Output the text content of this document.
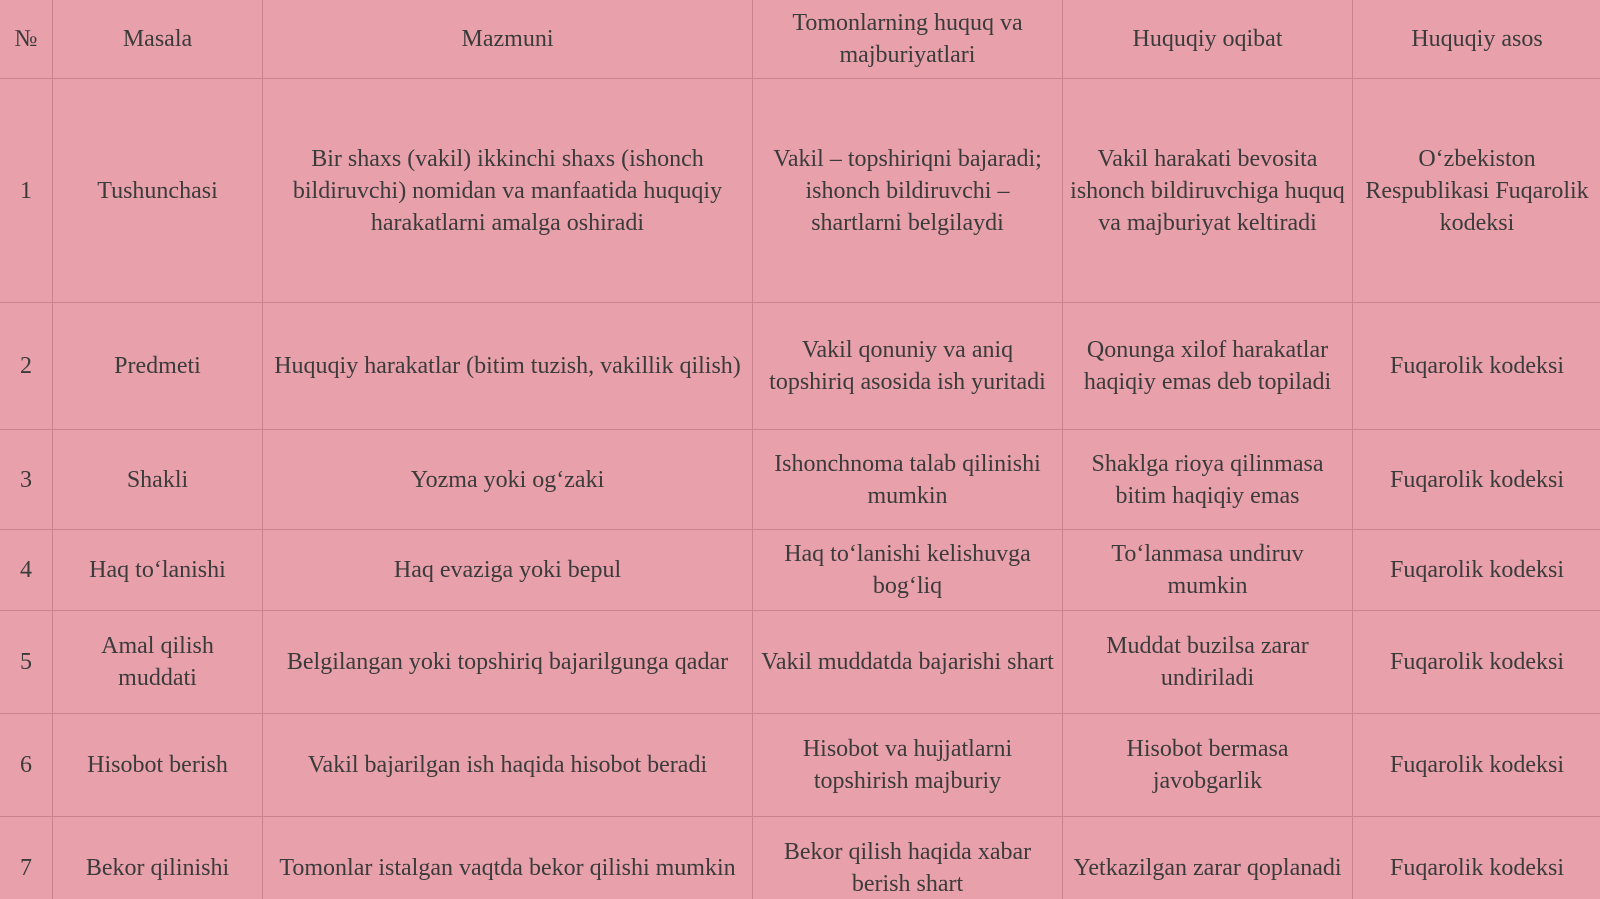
№	Masala	Mazmuni	Tomonlarning huquq va majburiyatlari	Huquqiy oqibat	Huquqiy asos
1	Tushunchasi	Bir shaxs (vakil) ikkinchi shaxs (ishonch bildiruvchi) nomidan va manfaatida huquqiy harakatlarni amalga oshiradi	Vakil – topshiriqni bajaradi; ishonch bildiruvchi – shartlarni belgilaydi	Vakil harakati bevosita ishonch bildiruvchiga huquq va majburiyat keltiradi	O‘zbekiston Respublikasi Fuqarolik kodeksi
2	Predmeti	Huquqiy harakatlar (bitim tuzish, vakillik qilish)	Vakil qonuniy va aniq topshiriq asosida ish yuritadi	Qonunga xilof harakatlar haqiqiy emas deb topiladi	Fuqarolik kodeksi
3	Shakli	Yozma yoki og‘zaki	Ishonchnoma talab qilinishi mumkin	Shaklga rioya qilinmasa bitim haqiqiy emas	Fuqarolik kodeksi
4	Haq to‘lanishi	Haq evaziga yoki bepul	Haq to‘lanishi kelishuvga bog‘liq	To‘lanmasa undiruv mumkin	Fuqarolik kodeksi
5	Amal qilish muddati	Belgilangan yoki topshiriq bajarilgunga qadar	Vakil muddatda bajarishi shart	Muddat buzilsa zarar undiriladi	Fuqarolik kodeksi
6	Hisobot berish	Vakil bajarilgan ish haqida hisobot beradi	Hisobot va hujjatlarni topshirish majburiy	Hisobot bermasa javobgarlik	Fuqarolik kodeksi
7	Bekor qilinishi	Tomonlar istalgan vaqtda bekor qilishi mumkin	Bekor qilish haqida xabar berish shart	Yetkazilgan zarar qoplanadi	Fuqarolik kodeksi
